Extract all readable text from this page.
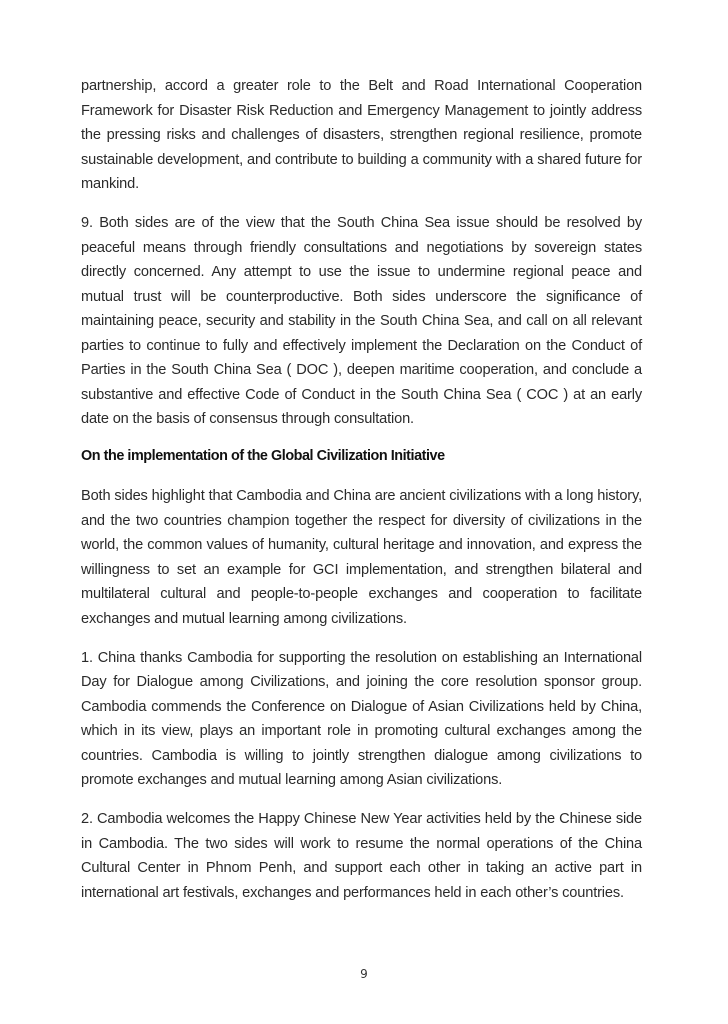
partnership, accord a greater role to the Belt and Road International Cooperation Framework for Disaster Risk Reduction and Emergency Management to jointly address the pressing risks and challenges of disasters, strengthen regional resilience, promote sustainable development, and contribute to building a community with a shared future for mankind.

9. Both sides are of the view that the South China Sea issue should be resolved by peaceful means through friendly consultations and negotiations by sovereign states directly concerned. Any attempt to use the issue to undermine regional peace and mutual trust will be counterproductive. Both sides underscore the significance of maintaining peace, security and stability in the South China Sea, and call on all relevant parties to continue to fully and effectively implement the Declaration on the Conduct of Parties in the South China Sea ( DOC ), deepen maritime cooperation, and conclude a substantive and effective Code of Conduct in the South China Sea ( COC ) at an early date on the basis of consensus through consultation.

On the implementation of the Global Civilization Initiative

Both sides highlight that Cambodia and China are ancient civilizations with a long history, and the two countries champion together the respect for diversity of civilizations in the world, the common values of humanity, cultural heritage and innovation, and express the willingness to set an example for GCI implementation, and strengthen bilateral and multilateral cultural and people-to-people exchanges and cooperation to facilitate exchanges and mutual learning among civilizations.

1. China thanks Cambodia for supporting the resolution on establishing an International Day for Dialogue among Civilizations, and joining the core resolution sponsor group. Cambodia commends the Conference on Dialogue of Asian Civilizations held by China, which in its view, plays an important role in promoting cultural exchanges among the countries. Cambodia is willing to jointly strengthen dialogue among civilizations to promote exchanges and mutual learning among Asian civilizations.

2. Cambodia welcomes the Happy Chinese New Year activities held by the Chinese side in Cambodia. The two sides will work to resume the normal operations of the China Cultural Center in Phnom Penh, and support each other in taking an active part in international art festivals, exchanges and performances held in each other’s countries.

9
